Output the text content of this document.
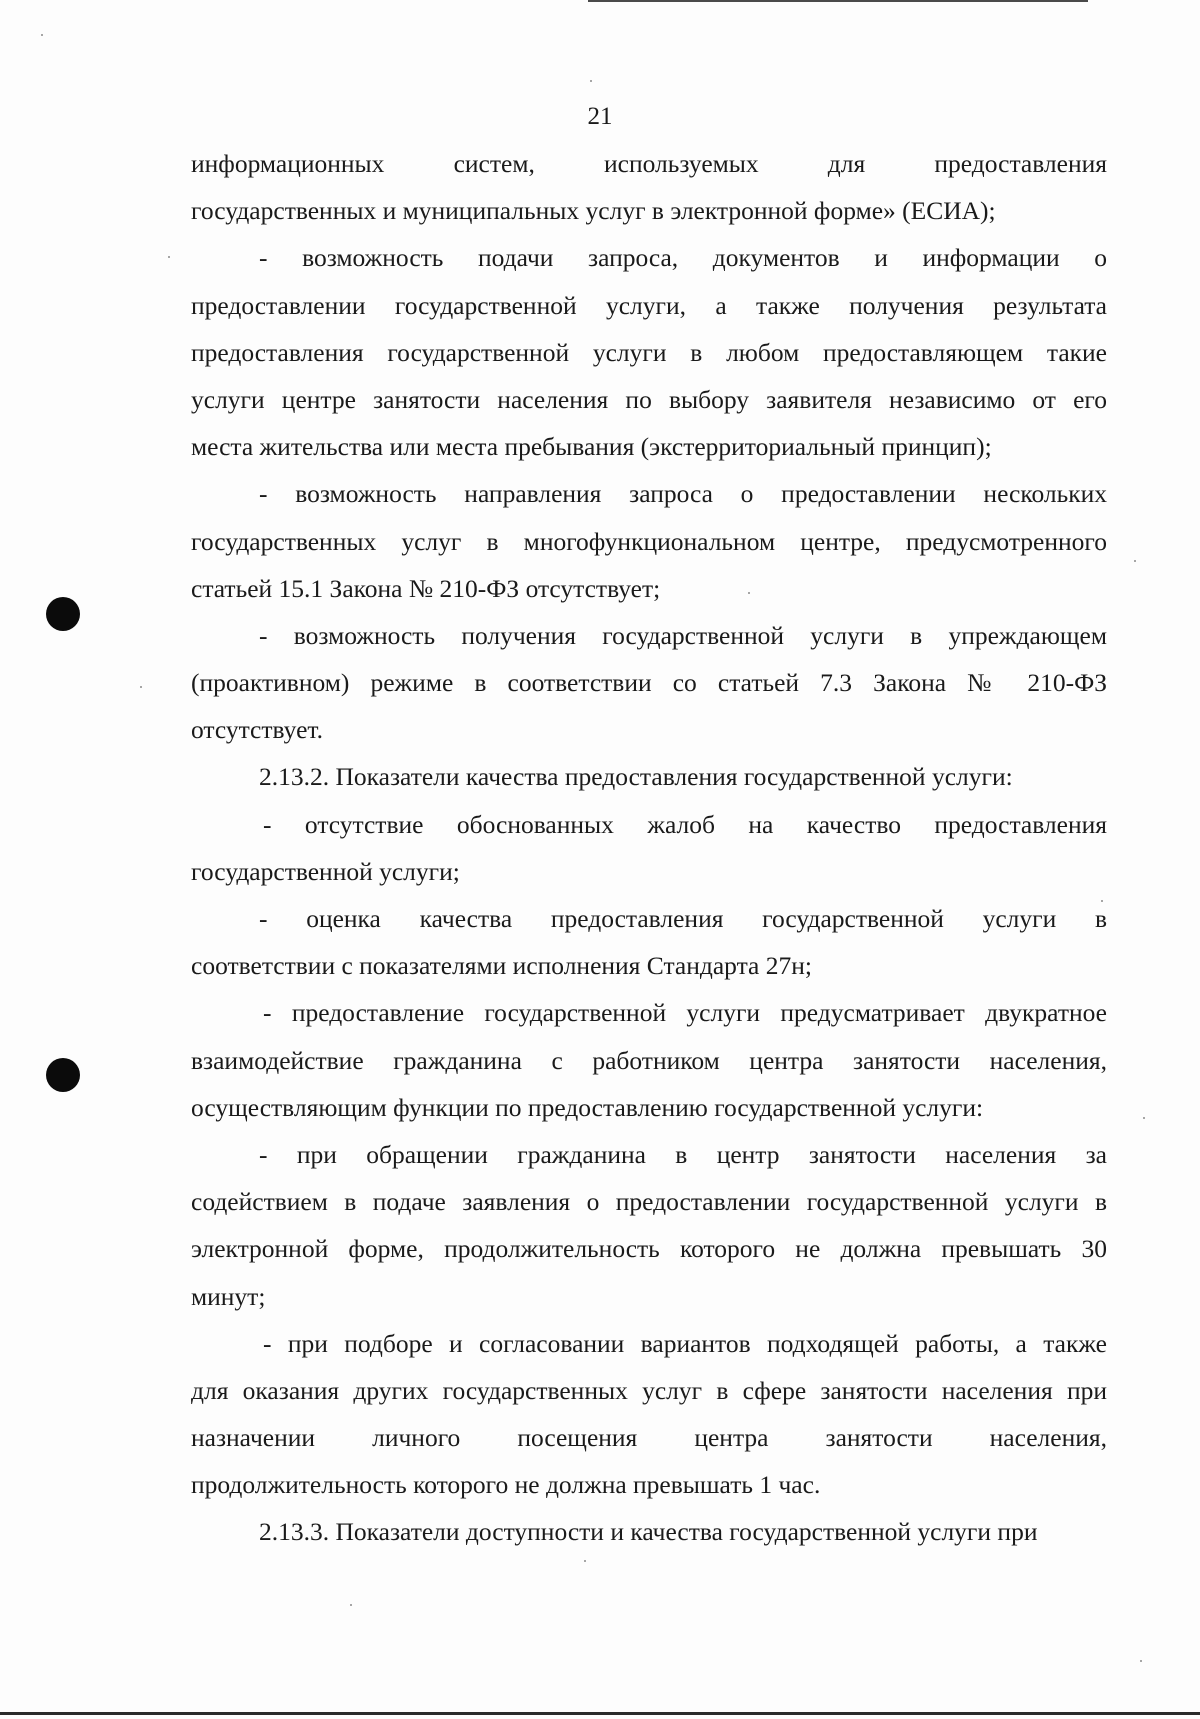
21
информационных систем, используемых для предоставления
государственных и муниципальных услуг в электронной форме» (ЕСИА);
- возможность подачи запроса, документов и информации о
предоставлении государственной услуги, а также получения результата
предоставления государственной услуги в любом предоставляющем такие
услуги центре занятости населения по выбору заявителя независимо от его
места жительства или места пребывания (экстерриториальный принцип);
- возможность направления запроса о предоставлении нескольких
государственных услуг в многофункциональном центре, предусмотренного
статьей 15.1 Закона № 210-ФЗ отсутствует;
- возможность получения государственной услуги в упреждающем
(проактивном) режиме в соответствии со статьей 7.3 Закона № 210-ФЗ
отсутствует.
2.13.2. Показатели качества предоставления государственной услуги:
- отсутствие обоснованных жалоб на качество предоставления
государственной услуги;
- оценка качества предоставления государственной услуги в
соответствии с показателями исполнения Стандарта 27н;
- предоставление государственной услуги предусматривает двукратное
взаимодействие гражданина с работником центра занятости населения,
осуществляющим функции по предоставлению государственной услуги:
- при обращении гражданина в центр занятости населения за
содействием в подаче заявления о предоставлении государственной услуги в
электронной форме, продолжительность которого не должна превышать 30
минут;
- при подборе и согласовании вариантов подходящей работы, а также
для оказания других государственных услуг в сфере занятости населения при
назначении личного посещения центра занятости населения,
продолжительность которого не должна превышать 1 час.
2.13.3. Показатели доступности и качества государственной услуги при
